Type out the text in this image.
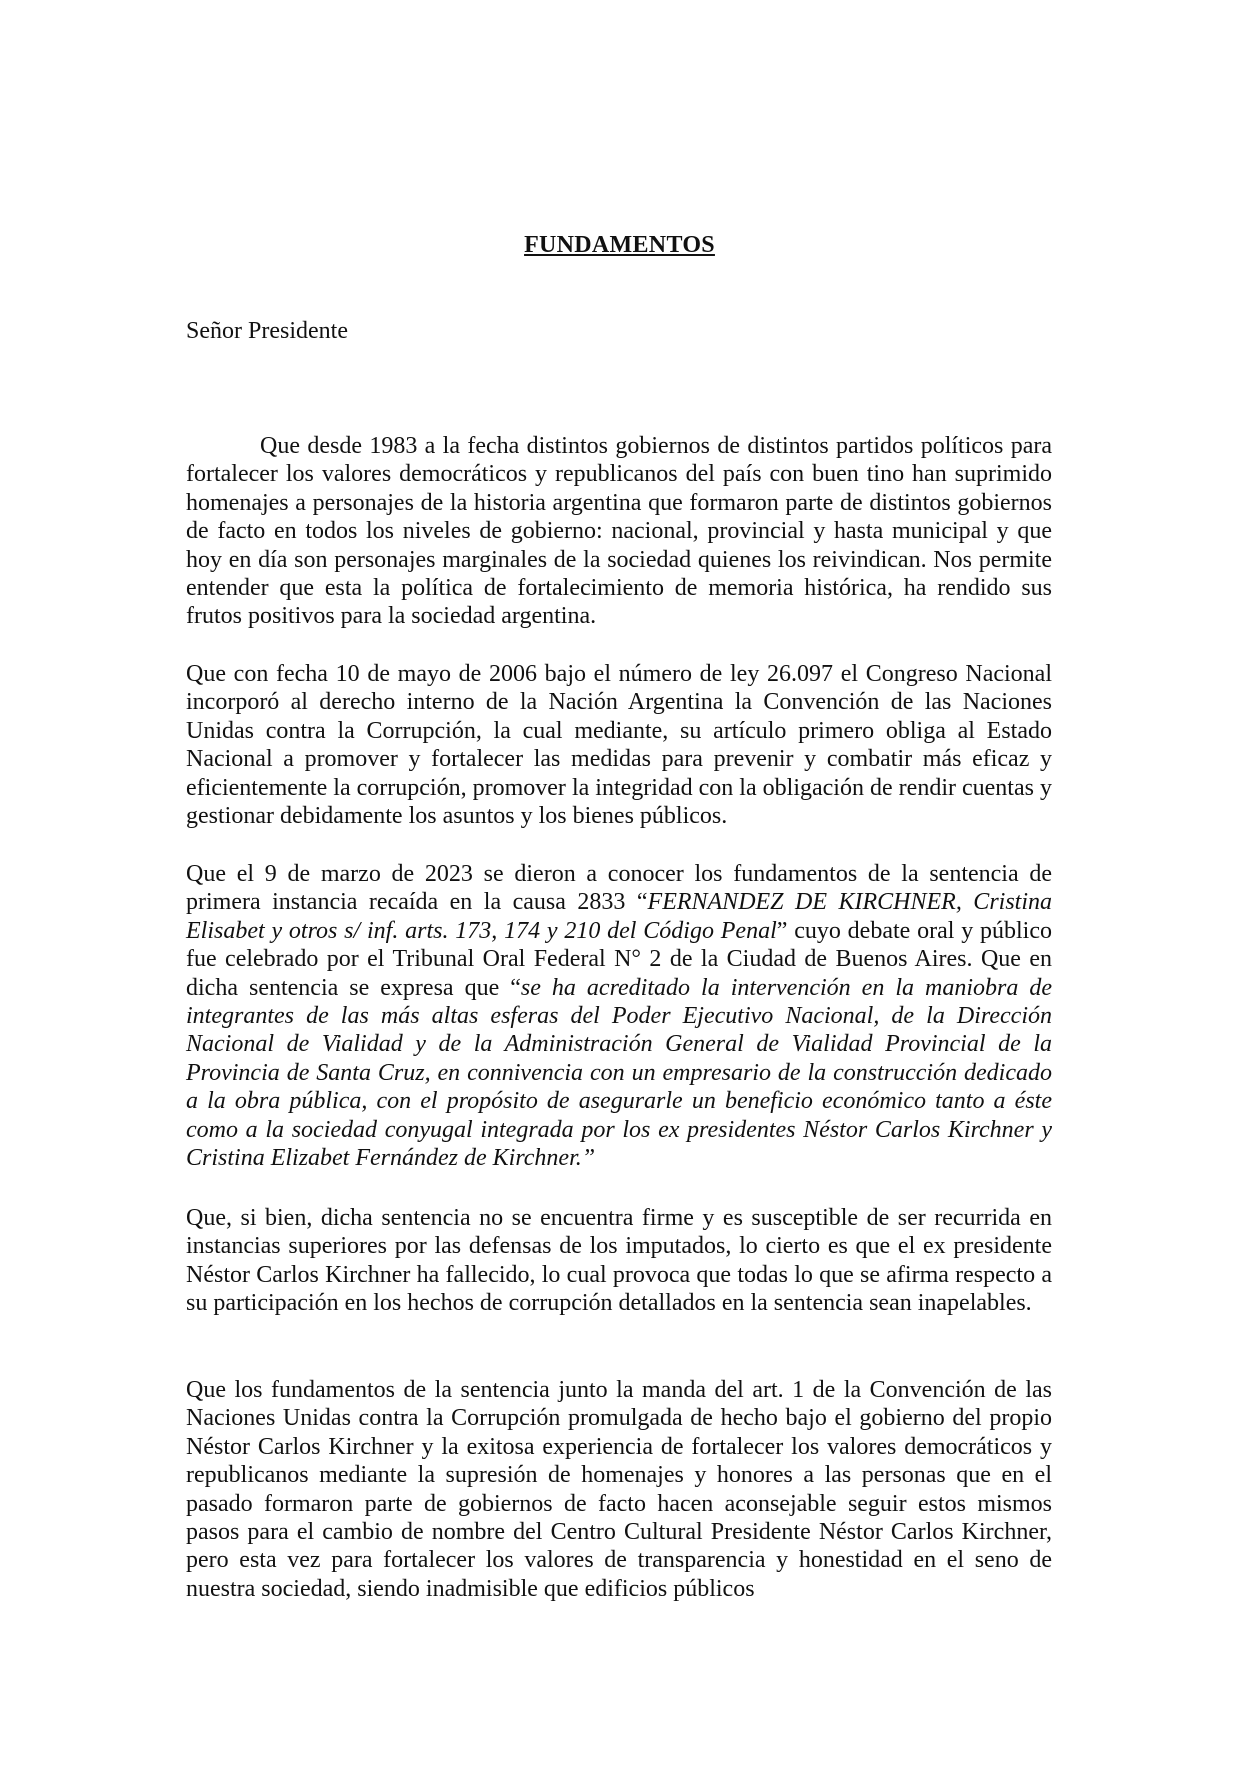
FUNDAMENTOS
Señor Presidente

Que desde 1983 a la fecha distintos gobiernos de distintos partidos políticos para fortalecer los valores democráticos y republicanos del país con buen tino han suprimido homenajes a personajes de la historia argentina que formaron parte de distintos gobiernos de facto en todos los niveles de gobierno: nacional, provincial y hasta municipal y que hoy en día son personajes marginales de la sociedad quienes los reivindican. Nos permite entender que esta la política de fortalecimiento de memoria histórica, ha rendido sus frutos positivos para la sociedad argentina.

Que con fecha 10 de mayo de 2006 bajo el número de ley 26.097 el Congreso Nacional incorporó al derecho interno de la Nación Argentina la Convención de las Naciones Unidas contra la Corrupción, la cual mediante, su artículo primero obliga al Estado Nacional a promover y fortalecer las medidas para prevenir y combatir más eficaz y eficientemente la corrupción, promover la integridad con la obligación de rendir cuentas y gestionar debidamente los asuntos y los bienes públicos.

Que el 9 de marzo de 2023 se dieron a conocer los fundamentos de la sentencia de primera instancia recaída en la causa 2833 “FERNANDEZ DE KIRCHNER, Cristina Elisabet y otros s/ inf. arts. 173, 174 y 210 del Código Penal” cuyo debate oral y público fue celebrado por el Tribunal Oral Federal N° 2 de la Ciudad de Buenos Aires. Que en dicha sentencia se expresa que “se ha acreditado la intervención en la maniobra de integrantes de las más altas esferas del Poder Ejecutivo Nacional, de la Dirección Nacional de Vialidad y de la Administración General de Vialidad Provincial de la Provincia de Santa Cruz, en connivencia con un empresario de la construcción dedicado a la obra pública, con el propósito de asegurarle un beneficio económico tanto a éste como a la sociedad conyugal integrada por los ex presidentes Néstor Carlos Kirchner y Cristina Elizabet Fernández de Kirchner.”

Que, si bien, dicha sentencia no se encuentra firme y es susceptible de ser recurrida en instancias superiores por las defensas de los imputados, lo cierto es que el ex presidente Néstor Carlos Kirchner ha fallecido, lo cual provoca que todas lo que se afirma respecto a su participación en los hechos de corrupción detallados en la sentencia sean inapelables.

Que los fundamentos de la sentencia junto la manda del art. 1 de la Convención de las Naciones Unidas contra la Corrupción promulgada de hecho bajo el gobierno del propio Néstor Carlos Kirchner y la exitosa experiencia de fortalecer los valores democráticos y republicanos mediante la supresión de homenajes y honores a las personas que en el pasado formaron parte de gobiernos de facto hacen aconsejable seguir estos mismos pasos para el cambio de nombre del Centro Cultural Presidente Néstor Carlos Kirchner, pero esta vez para fortalecer los valores de transparencia y honestidad en el seno de nuestra sociedad, siendo inadmisible que edificios públicos
